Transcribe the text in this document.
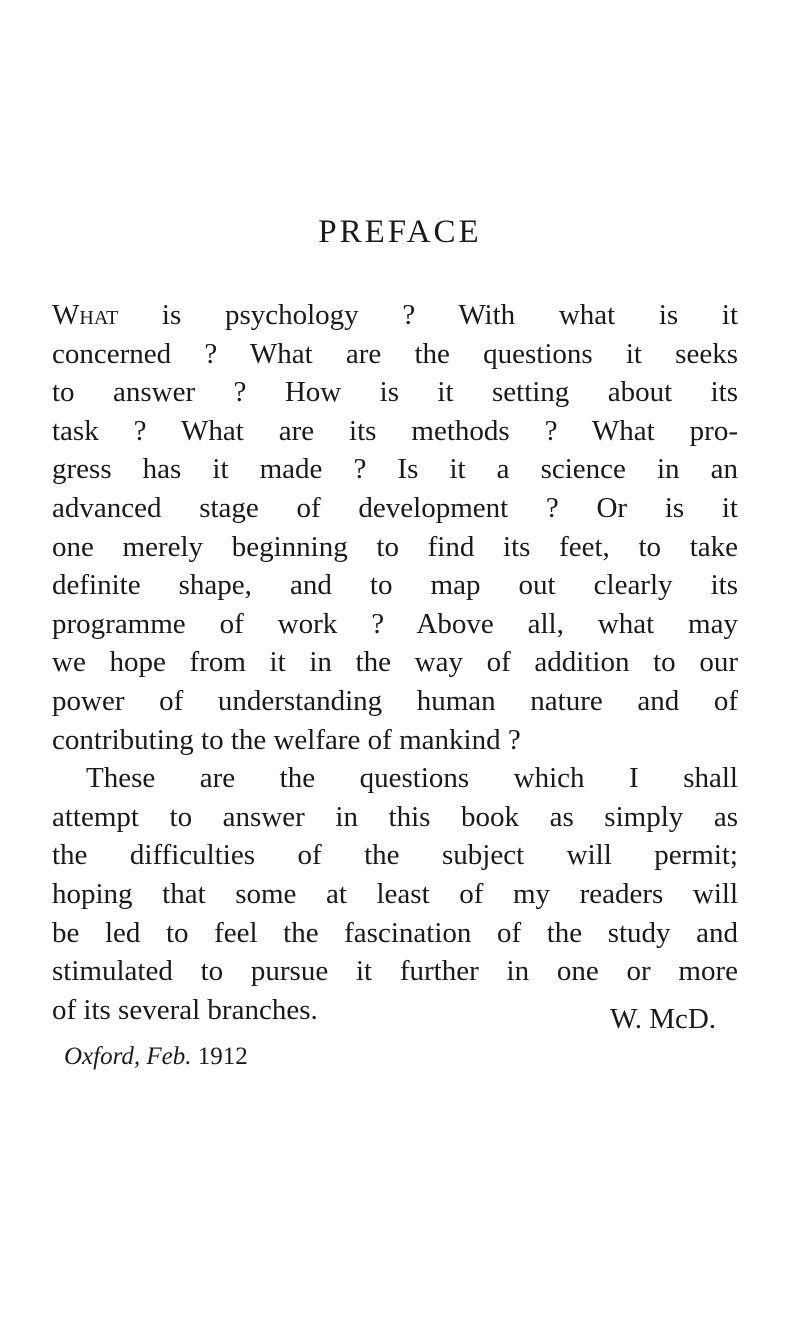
PREFACE
What is psychology ? With what is it
concerned ? What are the questions it seeks
to answer ? How is it setting about its
task ? What are its methods ? What pro-
gress has it made ? Is it a science in an
advanced stage of development ? Or is it
one merely beginning to find its feet, to take
definite shape, and to map out clearly its
programme of work ? Above all, what may
we hope from it in the way of addition to our
power of understanding human nature and of
contributing to the welfare of mankind ?
These are the questions which I shall
attempt to answer in this book as simply as
the difficulties of the subject will permit;
hoping that some at least of my readers will
be led to feel the fascination of the study and
stimulated to pursue it further in one or more
of its several branches.	W. McD.

Oxford, Feb. 1912
